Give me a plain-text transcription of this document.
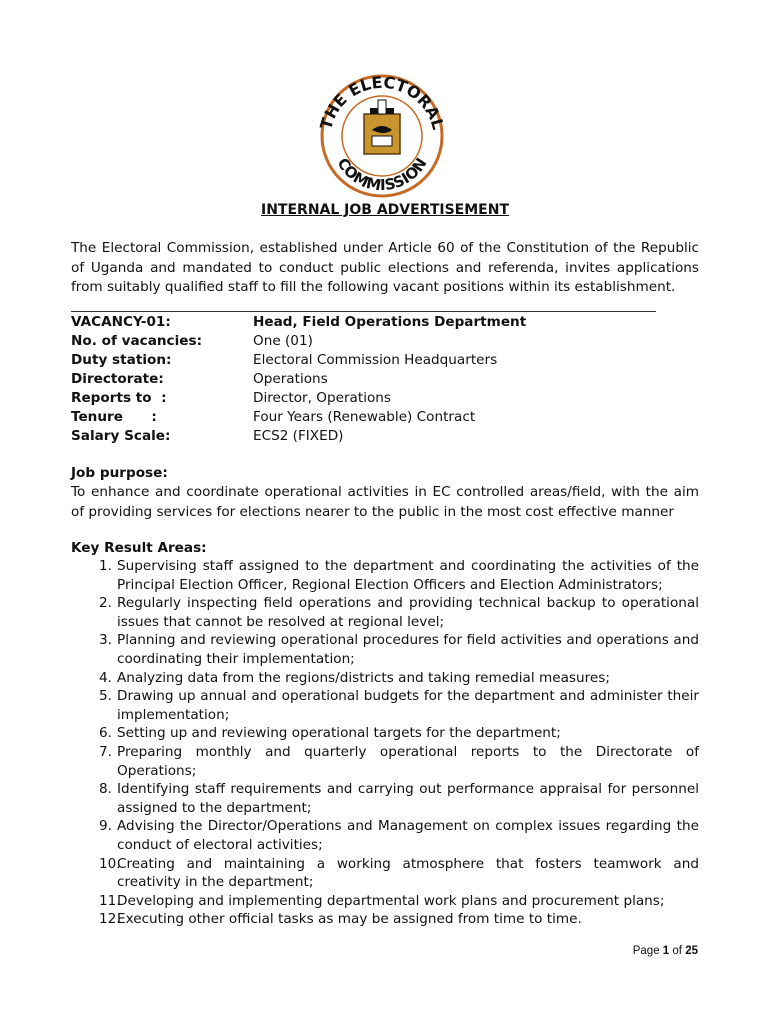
THE ELECTORAL
COMMISSION
INTERNAL JOB ADVERTISEMENT

The Electoral Commission, established under Article 60 of the Constitution of the Republic of Uganda and mandated to conduct public elections and referenda, invites applications from suitably qualified staff to fill the following vacant positions within its establishment.

VACANCY-01:	Head, Field Operations Department
No. of vacancies:	One (01)
Duty station:	Electoral Commission Headquarters
Directorate:	Operations
Reports to  :	Director, Operations
Tenure      :	Four Years (Renewable) Contract
Salary Scale:	ECS2 (FIXED)
Job purpose:

To enhance and coordinate operational activities in EC controlled areas/field, with the aim of providing services for elections nearer to the public in the most cost effective manner

Key Result Areas:
1. Supervising staff assigned to the department and coordinating the activities of the Principal Election Officer, Regional Election Officers and Election Administrators;
2. Regularly inspecting field operations and providing technical backup to operational issues that cannot be resolved at regional level;
3. Planning and reviewing operational procedures for field activities and operations and coordinating their implementation;
4. Analyzing data from the regions/districts and taking remedial measures;
5. Drawing up annual and operational budgets for the department and administer their implementation;
6. Setting up and reviewing operational targets for the department;
7. Preparing monthly and quarterly operational reports to the Directorate of Operations;
8. Identifying staff requirements and carrying out performance appraisal for personnel assigned to the department;
9. Advising the Director/Operations and Management on complex issues regarding the conduct of electoral activities;
10.
Creating and maintaining a working atmosphere that fosters teamwork and creativity in the department;
11.
Developing and implementing departmental work plans and procurement plans;
12.
Executing other official tasks as may be assigned from time to time.
Page 1 of 25
